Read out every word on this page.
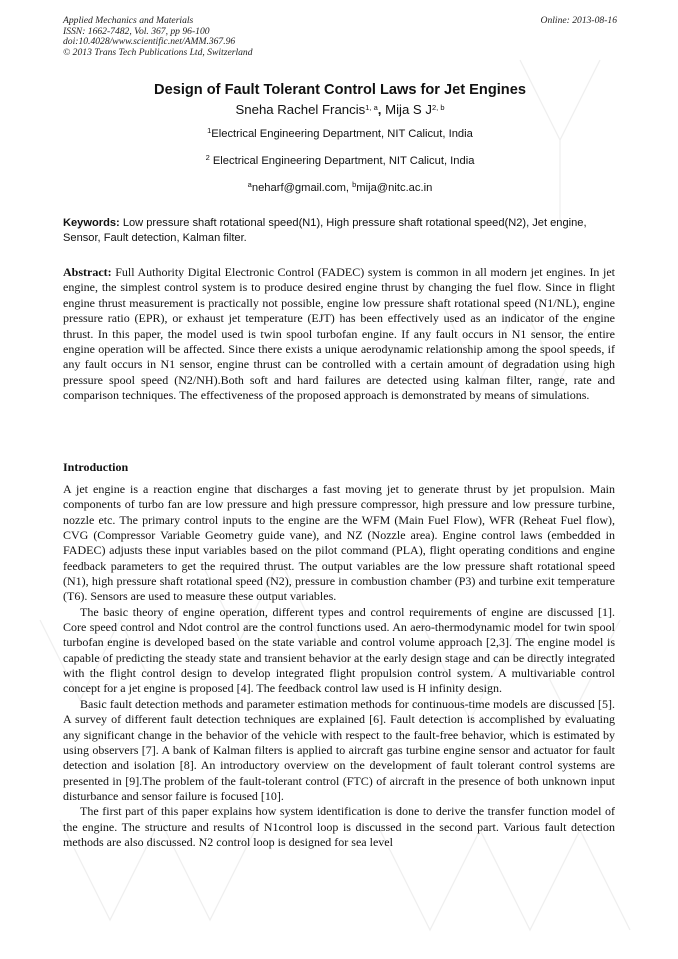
Applied Mechanics and Materials
ISSN: 1662-7482, Vol. 367, pp 96-100
doi:10.4028/www.scientific.net/AMM.367.96
© 2013 Trans Tech Publications Ltd, Switzerland
Online: 2013-08-16
Design of Fault Tolerant Control Laws for Jet Engines
Sneha Rachel Francis$^{1, a}$, Mija S J$^{2, b}$
$^1$Electrical Engineering Department, NIT Calicut, India
$^2$ Electrical Engineering Department, NIT Calicut, India
$^a$neharf@gmail.com, $^b$mija@nitc.ac.in
Keywords: Low pressure shaft rotational speed(N1), High pressure shaft rotational speed(N2), Jet engine, Sensor, Fault detection, Kalman filter.
Abstract: Full Authority Digital Electronic Control (FADEC) system is common in all modern jet engines. In jet engine, the simplest control system is to produce desired engine thrust by changing the fuel flow. Since in flight engine thrust measurement is practically not possible, engine low pressure shaft rotational speed (N1/NL), engine pressure ratio (EPR), or exhaust jet temperature (EJT) has been effectively used as an indicator of the engine thrust. In this paper, the model used is twin spool turbofan engine. If any fault occurs in N1 sensor, the entire engine operation will be affected. Since there exists a unique aerodynamic relationship among the spool speeds, if any fault occurs in N1 sensor, engine thrust can be controlled with a certain amount of degradation using high pressure spool speed (N2/NH).Both soft and hard failures are detected using kalman filter, range, rate and comparison techniques. The effectiveness of the proposed approach is demonstrated by means of simulations.
Introduction

A jet engine is a reaction engine that discharges a fast moving jet to generate thrust by jet propulsion. Main components of turbo fan are low pressure and high pressure compressor, high pressure and low pressure turbine, nozzle etc. The primary control inputs to the engine are the WFM (Main Fuel Flow), WFR (Reheat Fuel flow), CVG (Compressor Variable Geometry guide vane), and NZ (Nozzle area). Engine control laws (embedded in FADEC) adjusts these input variables based on the pilot command (PLA), flight operating conditions and engine feedback parameters to get the required thrust. The output variables are the low pressure shaft rotational speed (N1), high pressure shaft rotational speed (N2), pressure in combustion chamber (P3) and turbine exit temperature (T6). Sensors are used to measure these output variables.

The basic theory of engine operation, different types and control requirements of engine are discussed [1]. Core speed control and Ndot control are the control functions used. An aero-thermodynamic model for twin spool turbofan engine is developed based on the state variable and control volume approach [2,3]. The engine model is capable of predicting the steady state and transient behavior at the early design stage and can be directly integrated with the flight control design to develop integrated flight propulsion control system. A multivariable control concept for a jet engine is proposed [4]. The feedback control law used is H infinity design.

Basic fault detection methods and parameter estimation methods for continuous-time models are discussed [5]. A survey of different fault detection techniques are explained [6]. Fault detection is accomplished by evaluating any significant change in the behavior of the vehicle with respect to the fault-free behavior, which is estimated by using observers [7]. A bank of Kalman filters is applied to aircraft gas turbine engine sensor and actuator for fault detection and isolation [8]. An introductory overview on the development of fault tolerant control systems are presented in [9].The problem of the fault-tolerant control (FTC) of aircraft in the presence of both unknown input disturbance and sensor failure is focused [10].

The first part of this paper explains how system identification is done to derive the transfer function model of the engine. The structure and results of N1control loop is discussed in the second part. Various fault detection methods are also discussed. N2 control loop is designed for sea level
